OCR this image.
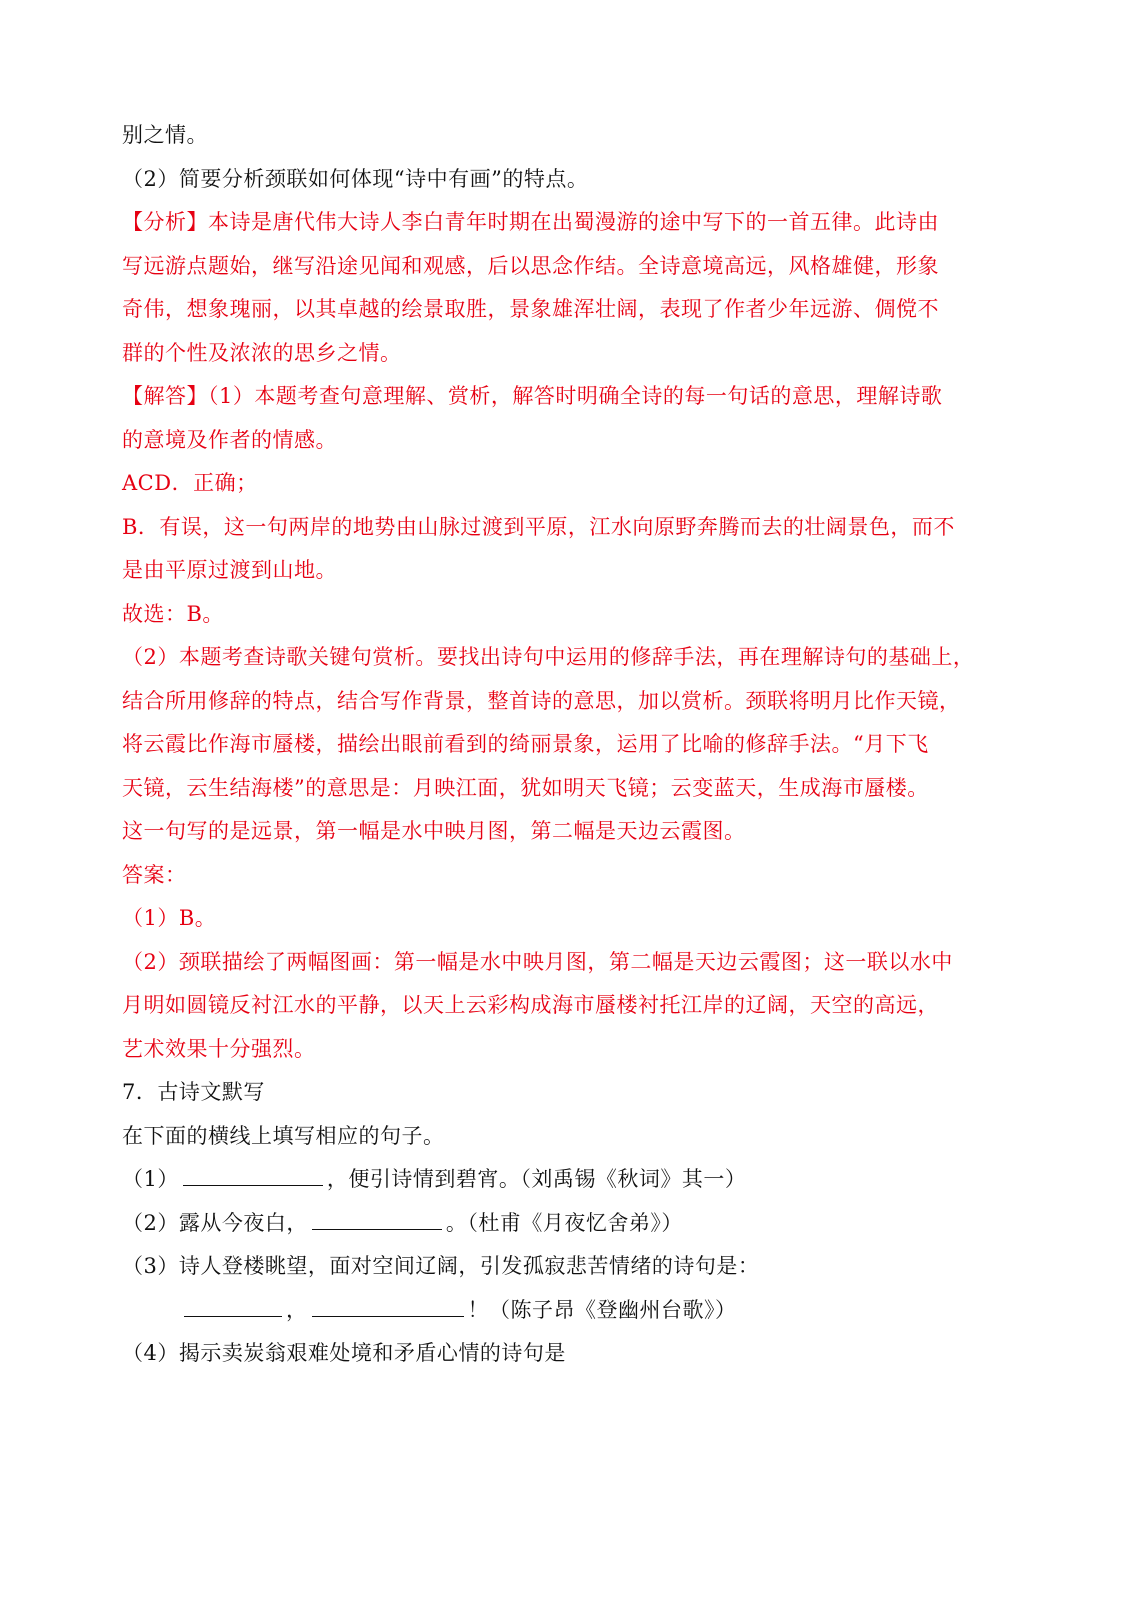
别之情。
（2）简要分析颈联如何体现“诗中有画”的特点。
【分析】本诗是唐代伟大诗人李白青年时期在出蜀漫游的途中写下的一首五律。此诗由
写远游点题始，继写沿途见闻和观感，后以思念作结。全诗意境高远，风格雄健，形象
奇伟，想象瑰丽，以其卓越的绘景取胜，景象雄浑壮阔，表现了作者少年远游、倜傥不
群的个性及浓浓的思乡之情。
【解答】（1）本题考查句意理解、赏析，解答时明确全诗的每一句话的意思，理解诗歌
的意境及作者的情感。
ACD．正确；
B．有误，这一句两岸的地势由山脉过渡到平原，江水向原野奔腾而去的壮阔景色，而不
是由平原过渡到山地。
故选：B。
（2）本题考查诗歌关键句赏析。要找出诗句中运用的修辞手法，再在理解诗句的基础上，
结合所用修辞的特点，结合写作背景，整首诗的意思，加以赏析。颈联将明月比作天镜，
将云霞比作海市蜃楼，描绘出眼前看到的绮丽景象，运用了比喻的修辞手法。“月下飞
天镜，云生结海楼”的意思是：月映江面，犹如明天飞镜；云变蓝天，生成海市蜃楼。
这一句写的是远景，第一幅是水中映月图，第二幅是天边云霞图。
答案：
（1）B。
（2）颈联描绘了两幅图画：第一幅是水中映月图，第二幅是天边云霞图；这一联以水中
月明如圆镜反衬江水的平静，以天上云彩构成海市蜃楼衬托江岸的辽阔，天空的高远，
艺术效果十分强烈。
7．古诗文默写
在下面的横线上填写相应的句子。
（1）	，便引诗情到碧宵。（刘禹锡《秋词》其一）
（2）露从今夜白，	。（杜甫《月夜忆舍弟》）
（3）诗人登楼眺望，面对空间辽阔，引发孤寂悲苦情绪的诗句是：
，	！（陈子昂《登幽州台歌》）
（4）揭示卖炭翁艰难处境和矛盾心情的诗句是
